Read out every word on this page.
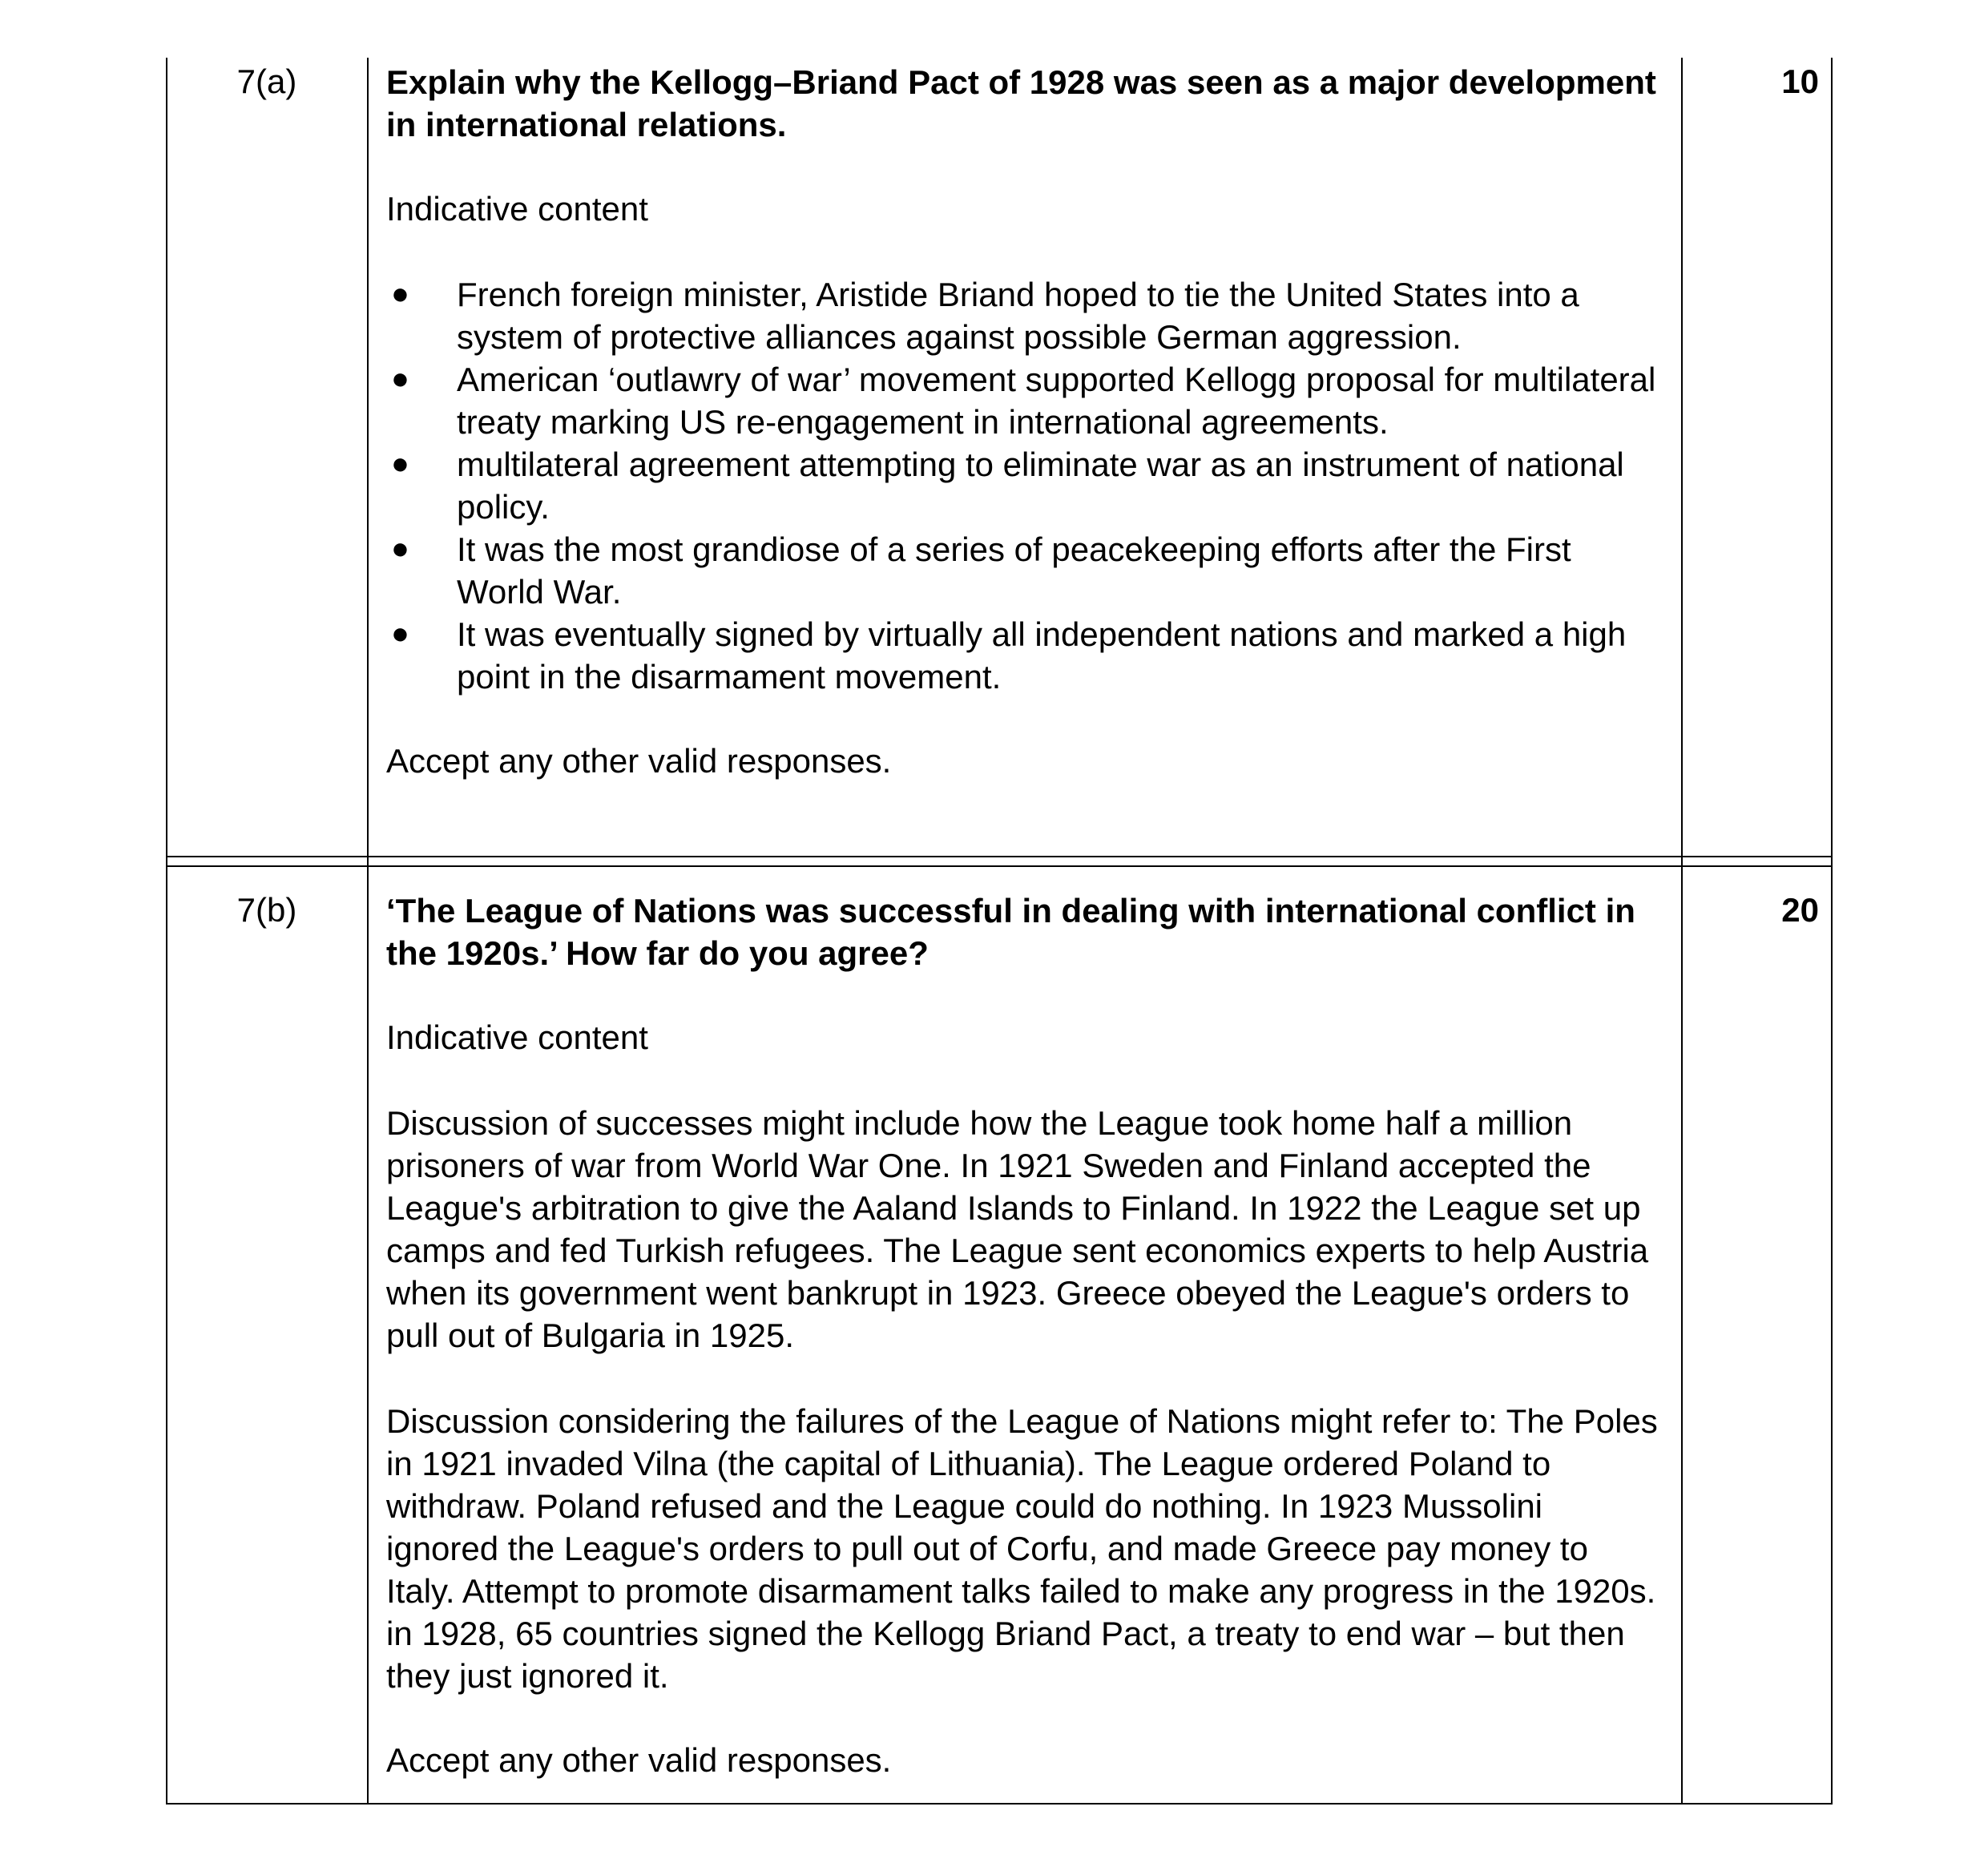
7(a)	10

Explain why the Kellogg–Briand Pact of 1928 was seen as a major development in international relations.

Indicative content

● French foreign minister, Aristide Briand hoped to tie the United States into a system of protective alliances against possible German aggression.
● American ‘outlawry of war’ movement supported Kellogg proposal for multilateral treaty marking US re-engagement in international agreements.
● multilateral agreement attempting to eliminate war as an instrument of national policy.
● It was the most grandiose of a series of peacekeeping efforts after the First World War.
● It was eventually signed by virtually all independent nations and marked a high point in the disarmament movement.

Accept any other valid responses.

7(b)	20

‘The League of Nations was successful in dealing with international conflict in the 1920s.’ How far do you agree?

Indicative content

Discussion of successes might include how the League took home half a million prisoners of war from World War One. In 1921 Sweden and Finland accepted the League's arbitration to give the Aaland Islands to Finland. In 1922 the League set up camps and fed Turkish refugees. The League sent economics experts to help Austria when its government went bankrupt in 1923. Greece obeyed the League's orders to pull out of Bulgaria in 1925.

Discussion considering the failures of the League of Nations might refer to: The Poles in 1921 invaded Vilna (the capital of Lithuania). The League ordered Poland to withdraw. Poland refused and the League could do nothing. In 1923 Mussolini ignored the League's orders to pull out of Corfu, and made Greece pay money to Italy. Attempt to promote disarmament talks failed to make any progress in the 1920s. in 1928, 65 countries signed the Kellogg Briand Pact, a treaty to end war – but then they just ignored it.

Accept any other valid responses.
